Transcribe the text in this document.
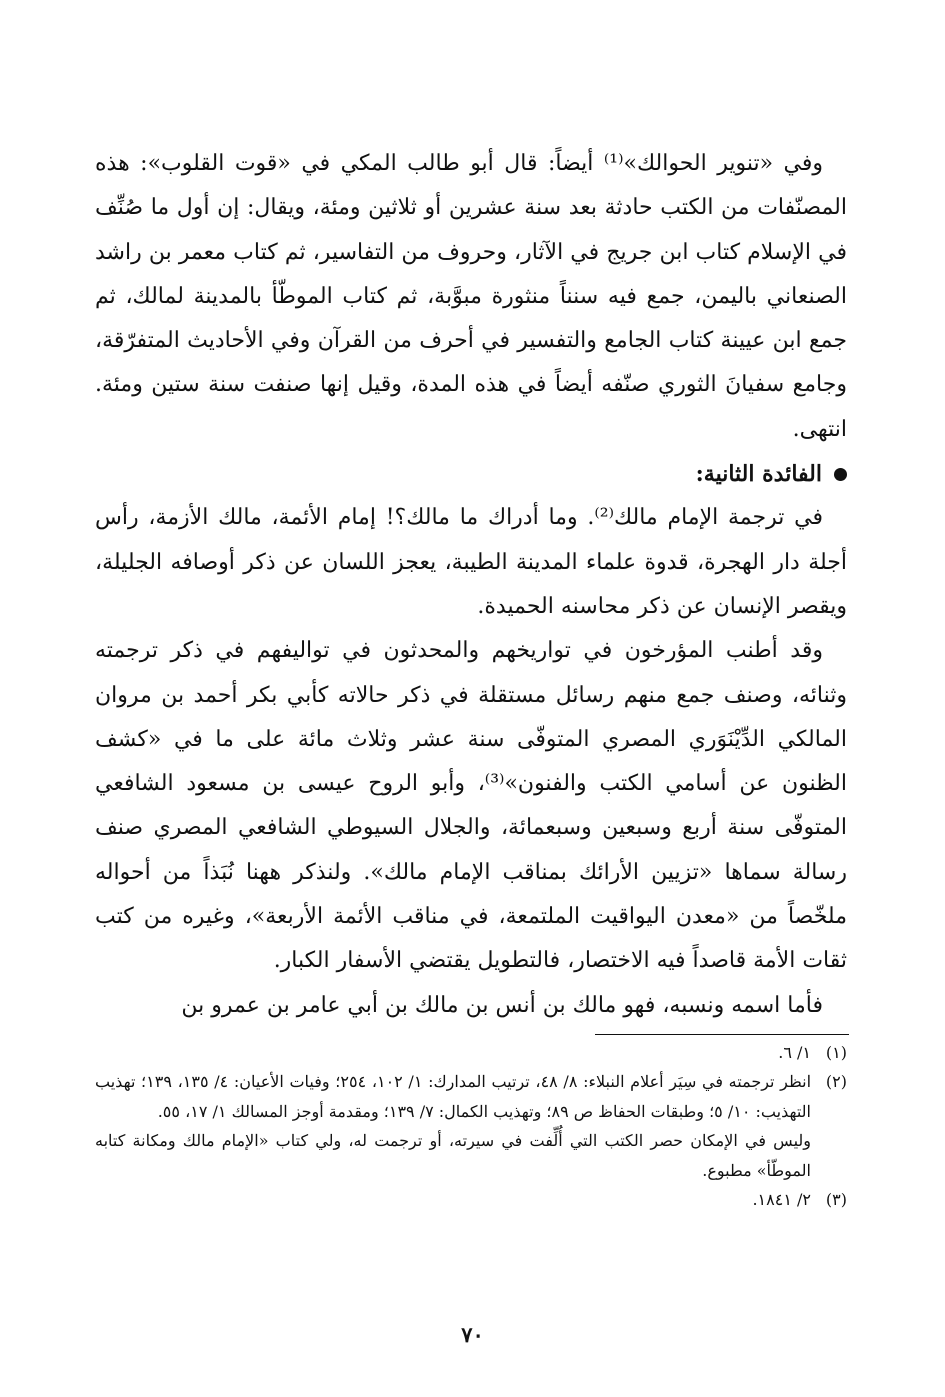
وفي «تنوير الحوالك»⁽¹⁾ أيضاً: قال أبو طالب المكي في «قوت القلوب»: هذه المصنّفات من الكتب حادثة بعد سنة عشرين أو ثلاثين ومئة، ويقال: إن أول ما صُنِّف في الإسلام كتاب ابن جريج في الآثار، وحروف من التفاسير، ثم كتاب معمر بن راشد الصنعاني باليمن، جمع فيه سنناً منثورة مبوَّبة، ثم كتاب الموطّأ بالمدينة لمالك، ثم جمع ابن عيينة كتاب الجامع والتفسير في أحرف من القرآن وفي الأحاديث المتفرّقة، وجامع سفيانَ الثوري صنّفه أيضاً في هذه المدة، وقيل إنها صنفت سنة ستين ومئة. انتهى.

الفائدة الثانية:

في ترجمة الإمام مالك⁽²⁾. وما أدراك ما مالك؟! إمام الأئمة، مالك الأزمة، رأس أجلة دار الهجرة، قدوة علماء المدينة الطيبة، يعجز اللسان عن ذكر أوصافه الجليلة، ويقصر الإنسان عن ذكر محاسنه الحميدة.

وقد أطنب المؤرخون في تواريخهم والمحدثون في تواليفهم في ذكر ترجمته وثنائه، وصنف جمع منهم رسائل مستقلة في ذكر حالاته كأبي بكر أحمد بن مروان المالكي الدِّيْنَوَري المصري المتوفّى سنة عشر وثلاث مائة على ما في «كشف الظنون عن أسامي الكتب والفنون»⁽³⁾، وأبو الروح عيسى بن مسعود الشافعي المتوفّى سنة أربع وسبعين وسبعمائة، والجلال السيوطي الشافعي المصري صنف رسالة سماها «تزيين الأرائك بمناقب الإمام مالك». ولنذكر ههنا نُبَذاً من أحواله ملخّصاً من «معدن اليواقيت الملتمعة، في مناقب الأئمة الأربعة»، وغيره من كتب ثقات الأمة قاصداً فيه الاختصار، فالتطويل يقتضي الأسفار الكبار.

فأما اسمه ونسبه، فهو مالك بن أنس بن مالك بن أبي عامر بن عمرو بن

(١)

١/ ٦.

(٢)

انظر ترجمته في سِيَر أعلام النبلاء: ٨/ ٤٨، ترتيب المدارك: ١/ ١٠٢، ٢٥٤؛ وفيات الأعيان: ٤/ ١٣٥، ١٣٩؛ تهذيب التهذيب: ١٠/ ٥؛ وطبقات الحفاظ ص ٨٩؛ وتهذيب الكمال: ٧/ ١٣٩؛ ومقدمة أوجز المسالك ١/ ١٧، ٥٥.

وليس في الإمكان حصر الكتب التي أُلِّفت في سيرته، أو ترجمت له، ولي كتاب «الإمام مالك ومكانة كتابه الموطّأ» مطبوع.

(٣)

٢/ ١٨٤١.

٧٠
